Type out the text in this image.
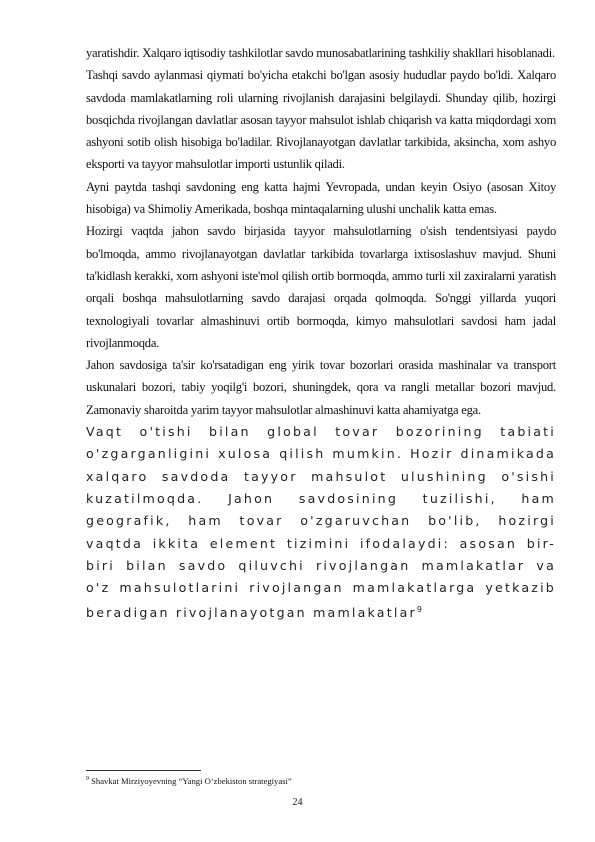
yaratishdir. Xalqaro iqtisodiy tashkilotlar savdo munosabatlarining tashkiliy shakllari hisoblanadi.

Tashqi savdo aylanmasi qiymati bo'yicha etakchi bo'lgan asosiy hududlar paydo bo'ldi. Xalqaro savdoda mamlakatlarning roli ularning rivojlanish darajasini belgilaydi. Shunday qilib, hozirgi bosqichda rivojlangan davlatlar asosan tayyor mahsulot ishlab chiqarish va katta miqdordagi xom ashyoni sotib olish hisobiga bo'ladilar. Rivojlanayotgan davlatlar tarkibida, aksincha, xom ashyo eksporti va tayyor mahsulotlar importi ustunlik qiladi.

Ayni paytda tashqi savdoning eng katta hajmi Yevropada, undan keyin Osiyo (asosan Xitoy hisobiga) va Shimoliy Amerikada, boshqa mintaqalarning ulushi unchalik katta emas.

Hozirgi vaqtda jahon savdo birjasida tayyor mahsulotlarning o'sish tendentsiyasi paydo bo'lmoqda, ammo rivojlanayotgan davlatlar tarkibida tovarlarga ixtisoslashuv mavjud. Shuni ta'kidlash kerakki, xom ashyoni iste'mol qilish ortib bormoqda, ammo turli xil zaxiralarni yaratish orqali boshqa mahsulotlarning savdo darajasi orqada qolmoqda. So'nggi yillarda yuqori texnologiyali tovarlar almashinuvi ortib bormoqda, kimyo mahsulotlari savdosi ham jadal rivojlanmoqda.

Jahon savdosiga ta'sir ko'rsatadigan eng yirik tovar bozorlari orasida mashinalar va transport uskunalari bozori, tabiy yoqilg'i bozori, shuningdek, qora va rangli metallar bozori mavjud. Zamonaviy sharoitda yarim tayyor mahsulotlar almashinuvi katta ahamiyatga ega.

Vaqt o'tishi bilan global tovar bozorining tabiati o'zgarganligini xulosa qilish mumkin. Hozir dinamikada xalqaro savdoda tayyor mahsulot ulushining o'sishi kuzatilmoqda. Jahon savdosining tuzilishi, ham geografik, ham tovar o'zgaruvchan bo'lib, hozirgi vaqtda ikkita element tizimini ifodalaydi: asosan bir-biri bilan savdo qiluvchi rivojlangan mamlakatlar va o'z mahsulotlarini rivojlangan mamlakatlarga yetkazib beradigan rivojlanayotgan mamlakatlar$^9$

$^9$ Shavkat Mirziyoyevning “Yangi O‘zbekiston strategiyasi”
24
